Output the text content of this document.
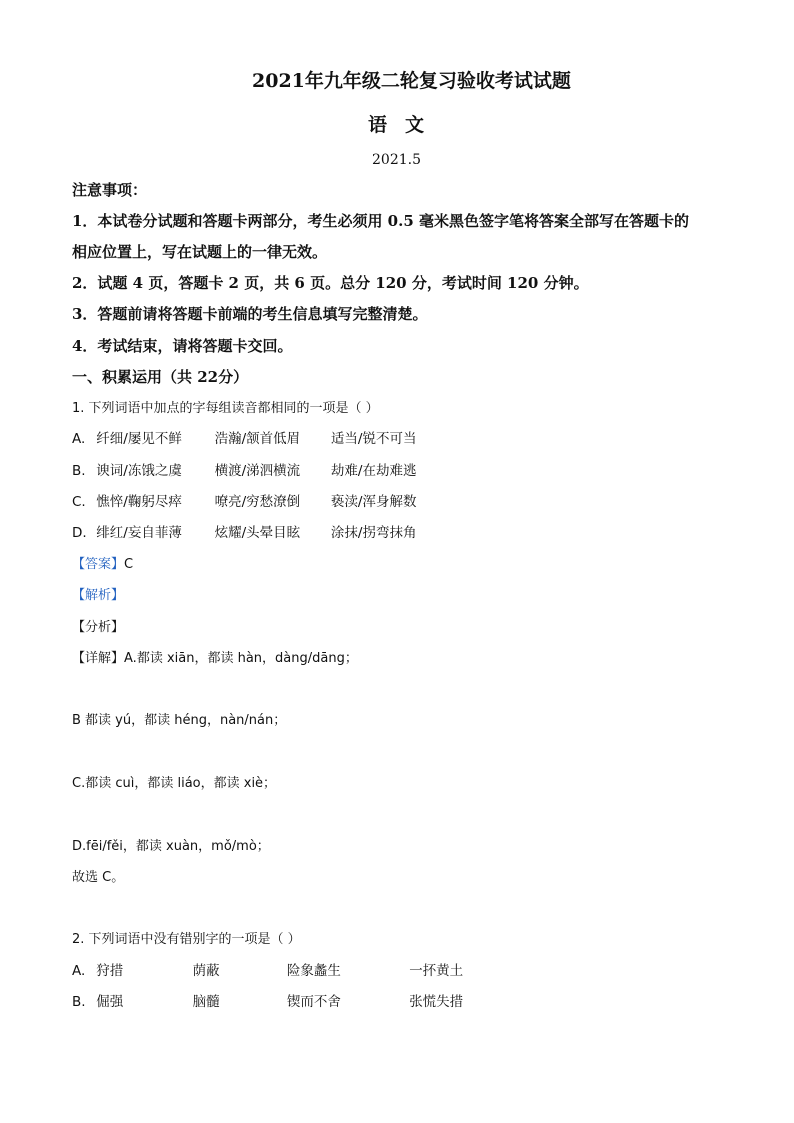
2021年九年级二轮复习验收考试试题
语文
2021.5
注意事项：
1．本试卷分试题和答题卡两部分，考生必须用 0.5 毫米黑色签字笔将答案全部写在答题卡的
相应位置上，写在试题上的一律无效。
2．试题 4 页，答题卡 2 页，共 6 页。总分 120 分，考试时间 120 分钟。
3．答题前请将答题卡前端的考生信息填写完整清楚。
4．考试结束，请将答题卡交回。
一、积累运用（共 22分）
1. 下列词语中加点的字每组读音都相同的一项是（ ）
A. 纤细/屡见不鲜 浩瀚/颔首低眉 适当/锐不可当
B. 谀词/冻饿之虞 横渡/涕泗横流 劫难/在劫难逃
C. 憔悴/鞠躬尽瘁 嘹亮/穷愁潦倒 亵渎/浑身解数
D. 绯红/妄自菲薄 炫耀/头晕目眩 涂抹/拐弯抹角
【答案】C
【解析】
【分析】
【详解】A.都读 xiān，都读 hàn，dàng/dāng；
B 都读 yú，都读 héng，nàn/nán；
C.都读 cuì，都读 liáo，都读 xiè；
D.fēi/fěi，都读 xuàn，mǒ/mò；
故选 C。
2. 下列词语中没有错别字的一项是（ ）
A. 狩措	荫蔽	险象蠡生	一抔黄土
B. 倔强	脑髓	锲而不舍	张慌失措
